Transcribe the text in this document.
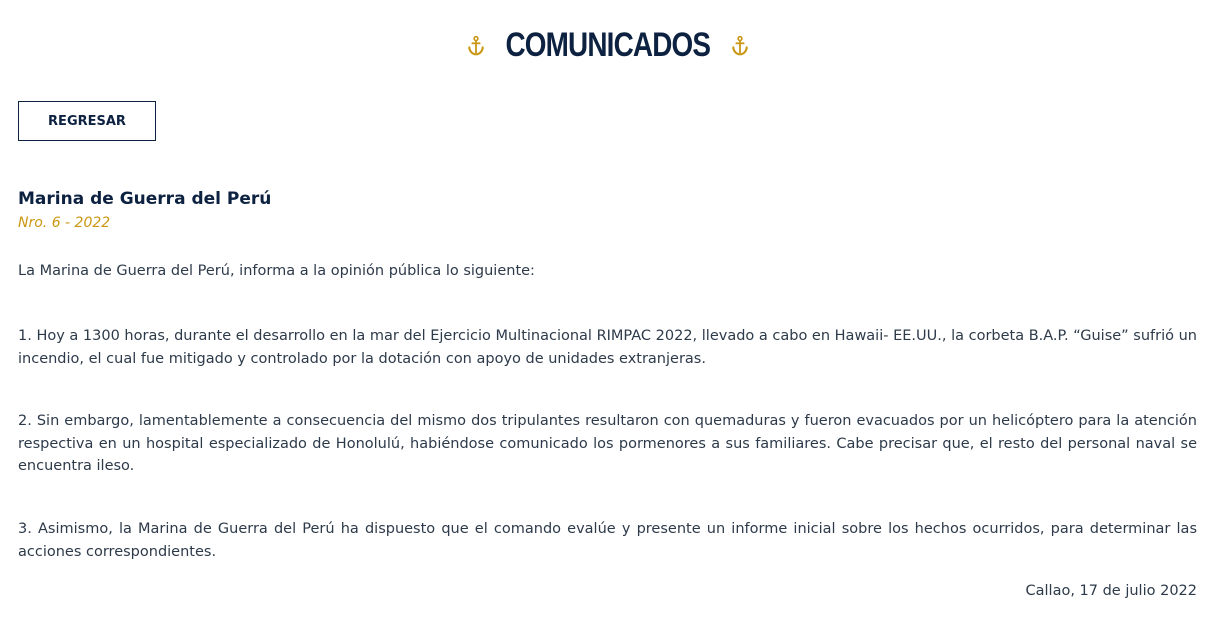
COMUNICADOS
REGRESAR
Marina de Guerra del Perú
Nro. 6 - 2022

La Marina de Guerra del Perú, informa a la opinión pública lo siguiente:

1. Hoy a 1300 horas, durante el desarrollo en la mar del Ejercicio Multinacional RIMPAC 2022, llevado a cabo en Hawaii- EE.UU., la corbeta B.A.P. “Guise” sufrió un incendio, el cual fue mitigado y controlado por la dotación con apoyo de unidades extranjeras.

2. Sin embargo, lamentablemente a consecuencia del mismo dos tripulantes resultaron con quemaduras y fueron evacuados por un helicóptero para la atención respectiva en un hospital especializado de Honolulú, habiéndose comunicado los pormenores a sus familiares. Cabe precisar que, el resto del personal naval se encuentra ileso.

3. Asimismo, la Marina de Guerra del Perú ha dispuesto que el comando evalúe y presente un informe inicial sobre los hechos ocurridos, para determinar las acciones correspondientes.

Callao, 17 de julio 2022
